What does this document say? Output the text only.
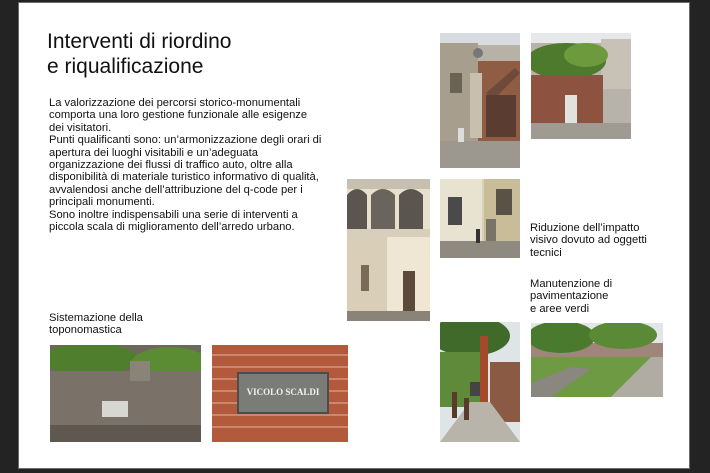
Interventi di riordino
e riqualificazione

La valorizzazione dei percorsi storico-monumentali comporta una loro gestione funzionale alle esigenze dei visitatori.

Punti qualificanti sono: un’armonizzazione degli orari di apertura dei luoghi visitabili e un’adeguata organizzazione dei flussi di traffico auto, oltre alla disponibilità di materiale turistico informativo di qualità, avvalendosi anche dell’attribuzione del q-code per i principali monumenti.

Sono inoltre indispensabili una serie di interventi a piccola scala di miglioramento dell’arredo urbano.

Sistemazione della
toponomastica
Riduzione dell’impatto
visivo dovuto ad oggetti
tecnici
Manutenzione di
pavimentazione
e aree verdi
VICOLO SCALDI
